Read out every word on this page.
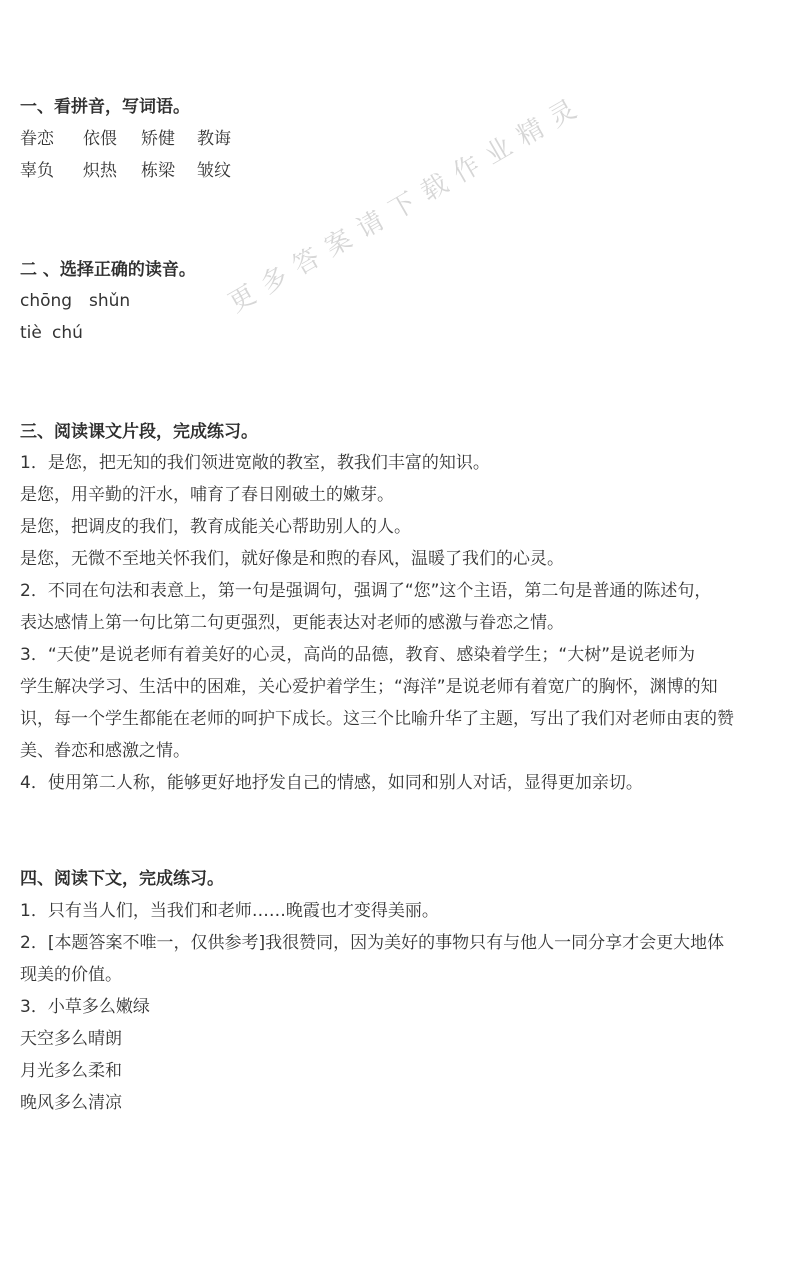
更多答案请下载作业精灵
一、看拼音，写词语。
眷恋 依偎 矫健 教诲
辜负 炽热 栋梁 皱纹
二 、选择正确的读音。
chōng shǔn
tiè chú
三、阅读课文片段，完成练习。
1．是您，把无知的我们领进宽敞的教室，教我们丰富的知识。
是您，用辛勤的汗水，哺育了春日刚破土的嫩芽。
是您，把调皮的我们，教育成能关心帮助别人的人。
是您，无微不至地关怀我们，就好像是和煦的春风，温暖了我们的心灵。
2．不同在句法和表意上，第一句是强调句，强调了“您”这个主语，第二句是普通的陈述句，
表达感情上第一句比第二句更强烈，更能表达对老师的感激与眷恋之情。
3．“天使”是说老师有着美好的心灵，高尚的品德，教育、感染着学生；“大树”是说老师为
学生解决学习、生活中的困难，关心爱护着学生；“海洋”是说老师有着宽广的胸怀，渊博的知
识，每一个学生都能在老师的呵护下成长。这三个比喻升华了主题，写出了我们对老师由衷的赞
美、眷恋和感激之情。
4．使用第二人称，能够更好地抒发自己的情感，如同和别人对话，显得更加亲切。
四、阅读下文，完成练习。
1．只有当人们，当我们和老师……晚霞也才变得美丽。
2．[本题答案不唯一，仅供参考]我很赞同，因为美好的事物只有与他人一同分享才会更大地体
现美的价值。
3．小草多么嫩绿
天空多么晴朗
月光多么柔和
晚风多么清凉
